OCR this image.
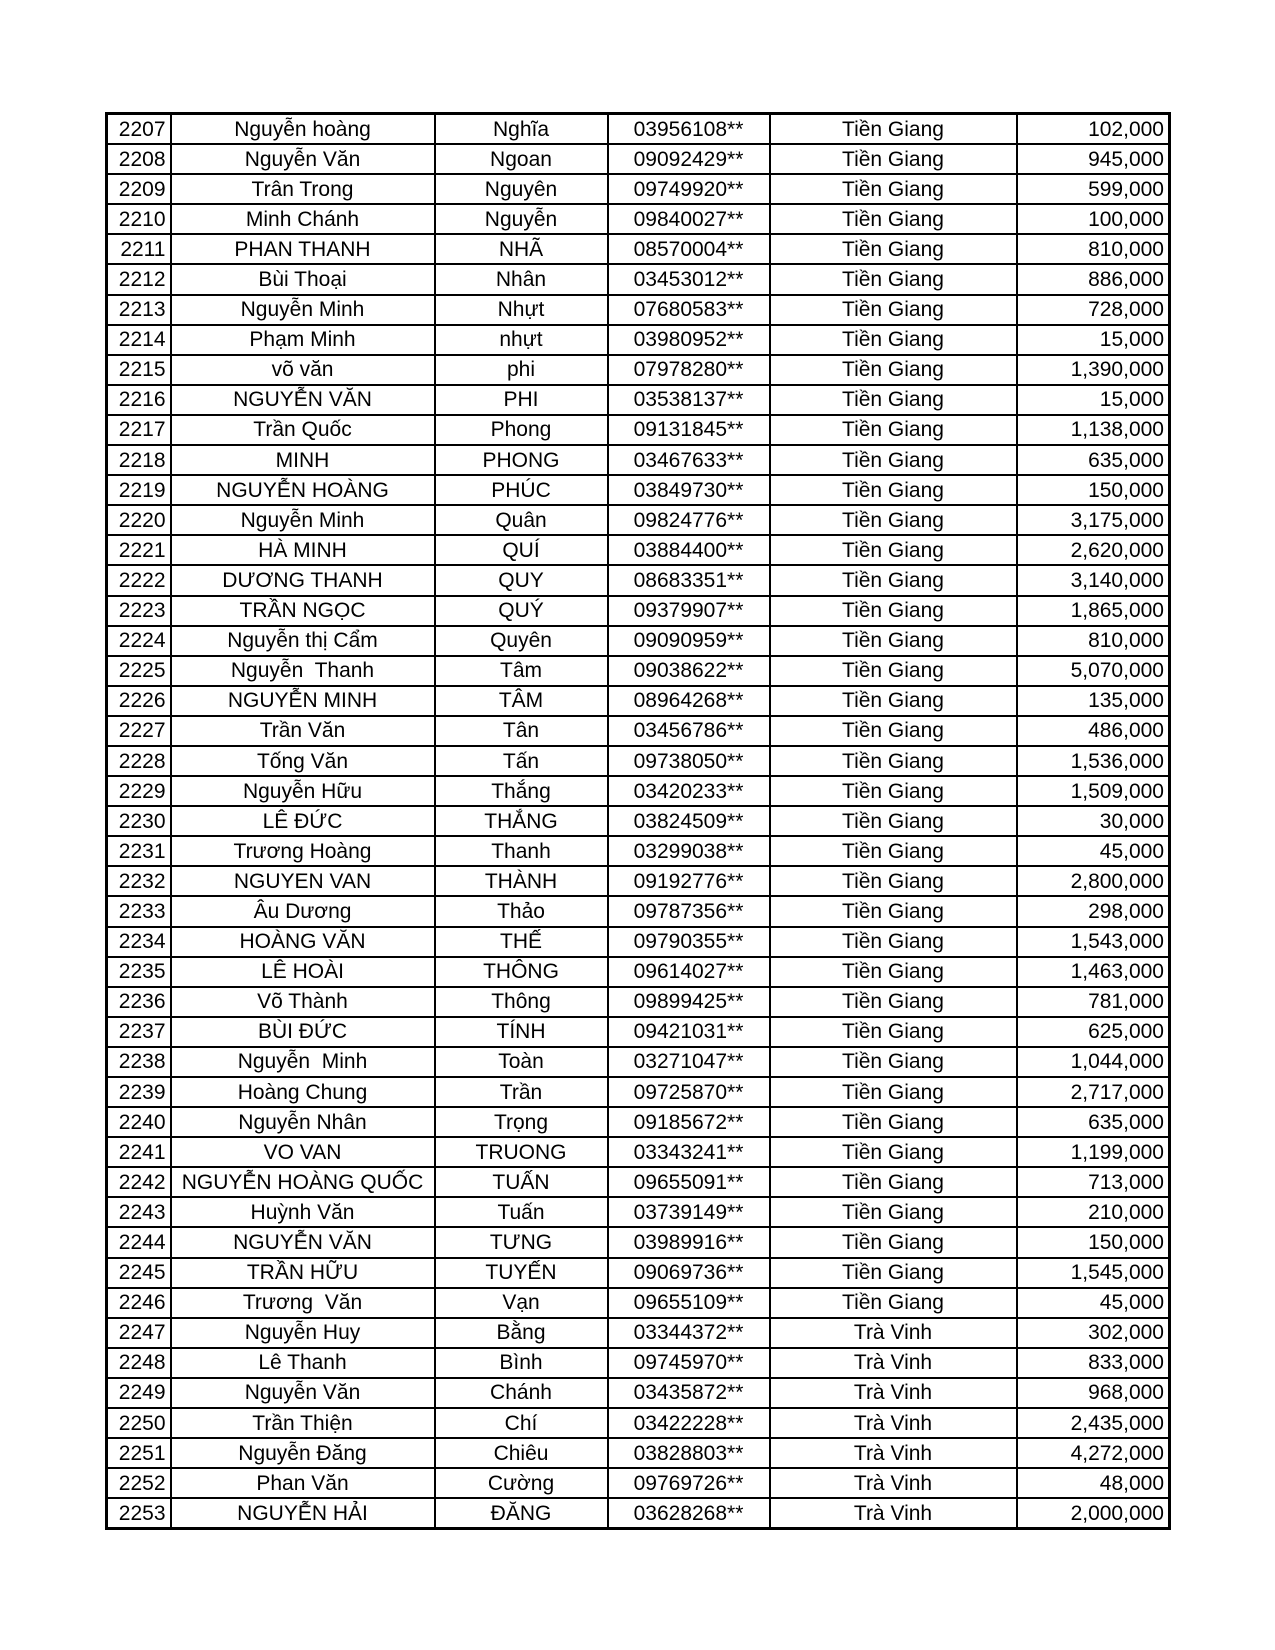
2207	Nguyễn hoàng	Nghĩa	03956108**	Tiền Giang	102,000
2208	Nguyễn Văn	Ngoan	09092429**	Tiền Giang	945,000
2209	Trân Trong	Nguyên	09749920**	Tiền Giang	599,000
2210	Minh Chánh	Nguyễn	09840027**	Tiền Giang	100,000
2211	PHAN THANH	NHÃ	08570004**	Tiền Giang	810,000
2212	Bùi Thoại	Nhân	03453012**	Tiền Giang	886,000
2213	Nguyễn Minh	Nhựt	07680583**	Tiền Giang	728,000
2214	Phạm Minh	nhựt	03980952**	Tiền Giang	15,000
2215	võ văn	phi	07978280**	Tiền Giang	1,390,000
2216	NGUYỄN VĂN	PHI	03538137**	Tiền Giang	15,000
2217	Trần Quốc	Phong	09131845**	Tiền Giang	1,138,000
2218	MINH	PHONG	03467633**	Tiền Giang	635,000
2219	NGUYỄN HOÀNG	PHÚC	03849730**	Tiền Giang	150,000
2220	Nguyễn Minh	Quân	09824776**	Tiền Giang	3,175,000
2221	HÀ MINH	QUÍ	03884400**	Tiền Giang	2,620,000
2222	DƯƠNG THANH	QUY	08683351**	Tiền Giang	3,140,000
2223	TRẦN NGỌC	QUÝ	09379907**	Tiền Giang	1,865,000
2224	Nguyễn thị Cẩm	Quyên	09090959**	Tiền Giang	810,000
2225	Nguyễn  Thanh	Tâm	09038622**	Tiền Giang	5,070,000
2226	NGUYỄN MINH	TÂM	08964268**	Tiền Giang	135,000
2227	Trần Văn	Tân	03456786**	Tiền Giang	486,000
2228	Tống Văn	Tấn	09738050**	Tiền Giang	1,536,000
2229	Nguyễn Hữu	Thắng	03420233**	Tiền Giang	1,509,000
2230	LÊ ĐỨC	THẮNG	03824509**	Tiền Giang	30,000
2231	Trương Hoàng	Thanh	03299038**	Tiền Giang	45,000
2232	NGUYEN VAN	THÀNH	09192776**	Tiền Giang	2,800,000
2233	Âu Dương	Thảo	09787356**	Tiền Giang	298,000
2234	HOÀNG VĂN	THẾ	09790355**	Tiền Giang	1,543,000
2235	LÊ HOÀI	THÔNG	09614027**	Tiền Giang	1,463,000
2236	Võ Thành	Thông	09899425**	Tiền Giang	781,000
2237	BÙI ĐỨC	TÍNH	09421031**	Tiền Giang	625,000
2238	Nguyễn  Minh	Toàn	03271047**	Tiền Giang	1,044,000
2239	Hoàng Chung	Trần	09725870**	Tiền Giang	2,717,000
2240	Nguyễn Nhân	Trọng	09185672**	Tiền Giang	635,000
2241	VO VAN	TRUONG	03343241**	Tiền Giang	1,199,000
2242	NGUYỄN HOÀNG QUỐC	TUẤN	09655091**	Tiền Giang	713,000
2243	Huỳnh Văn	Tuấn	03739149**	Tiền Giang	210,000
2244	NGUYỄN VĂN	TƯNG	03989916**	Tiền Giang	150,000
2245	TRẦN HỮU	TUYẾN	09069736**	Tiền Giang	1,545,000
2246	Trương  Văn	Vạn	09655109**	Tiền Giang	45,000
2247	Nguyễn Huy	Bằng	03344372**	Trà Vinh	302,000
2248	Lê Thanh	Bình	09745970**	Trà Vinh	833,000
2249	Nguyễn Văn	Chánh	03435872**	Trà Vinh	968,000
2250	Trần Thiện	Chí	03422228**	Trà Vinh	2,435,000
2251	Nguyễn Đăng	Chiêu	03828803**	Trà Vinh	4,272,000
2252	Phan Văn	Cường	09769726**	Trà Vinh	48,000
2253	NGUYỄN HẢI	ĐĂNG	03628268**	Trà Vinh	2,000,000
